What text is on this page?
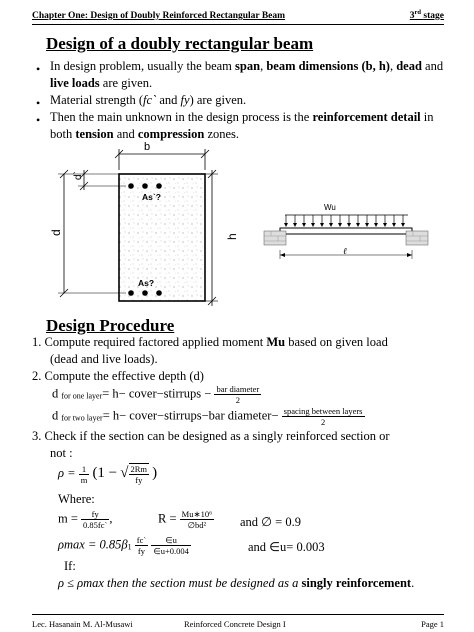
Chapter One: Design of Doubly Reinforced Rectangular Beam	3rd stage
Design of a doubly rectangular beam
• In design problem, usually the beam span, beam dimensions (b, h), dead and live loads are given.
• Material strength (fc` and fy) are given.
• Then the main unknown in the design process is the reinforcement detail in both tension and compression zones.
b
d`
d
h
As`?
As?
Wu
ℓ
Design Procedure
1. Compute required factored applied moment Mu based on given load
(dead and live loads).
2. Compute the effective depth (d)
d for one layer= h− cover−stirrups − $\frac{\text{bar diameter}}{2}$
d for two layer= h− cover−stirrups−bar diameter− $\frac{\text{spacing between layers}}{2}$
3. Check if the section can be designed as a singly reinforced section or
not :
$\rho = \frac{1}{m} (1$ − √ $\frac{2Rm}{fy}$ )
Where:
$m = \frac{fy}{0.85fc`}$ ,	$R = \frac{\text{Mu∗10⁶}}{\text{∅bd²}}$ and ∅ = 0.9
$\rho\max = 0.85\beta 1 \frac{fc`}{fy}$
$\frac{\in u}{\in u+0.004}$	and ∈u= 0.003
If:
ρ ≤ ρmax then the section must be designed as a singly reinforcement.
Lec. Hasanain M. Al-Musawi	Reinforced Concrete Design I	Page 1
